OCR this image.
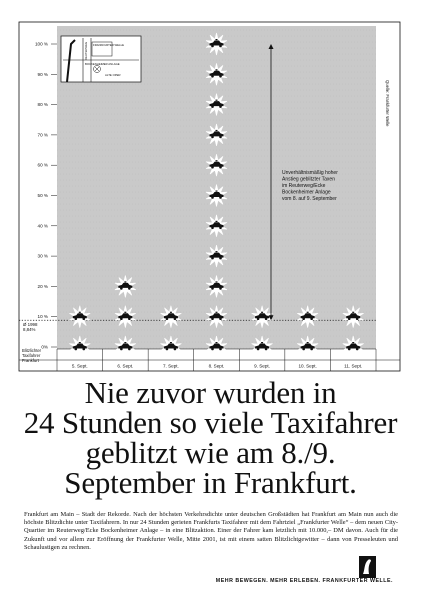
100 %
90 %
80 %
70 %
60 %
50 %
40 %
30 %
20 %
10 %
0%
Ø 1998
8,84%
Blitzlichter
Taxifahrer
Frankfurt
5. Sept.	6. Sept.	7. Sept.	8. Sept.	9. Sept.	10. Sept.	11. Sept.
Quelle: Frankfurter Welle
Unverhältnismäßig hoher
Anstieg geblitzter Taxen
im Reuterweg/Ecke
Bockenheimer Anlage
vom 8. auf 9. September
REUTERWEG FRANKFURTER WELLE
BOCKENHEIMER ANLAGE
ALTE OPER
Nie zuvor wurden in
24 Stunden so viele Taxifahrer
geblitzt wie am 8./9.
September in Frankfurt.
Frankfurt am Main – Stadt der Rekorde. Nach der höchsten Verkehrsdichte unter deutschen Großstädten hat Frankfurt am Main nun auch die höchste Blitzdichte unter Taxifahrern. In nur 24 Stunden gerieten Frankfurts Taxifahrer mit dem Fahrtziel „Frankfurter Welle“ – dem neuen City-Quartier im Reuterweg/Ecke Bockenheimer Anlage – in eine Blitzaktion. Einer der Fahrer kam letztlich mit 10.000,– DM davon. Auch für die Zukunft und vor allem zur Eröffnung der Frankfurter Welle, Mitte 2001, ist mit einem satten Blitzlichtgewitter – dann von Presseleuten und Schaulustigen zu rechnen.
MEHR BEWEGEN. MEHR ERLEBEN. FRANKFURTER WELLE.
